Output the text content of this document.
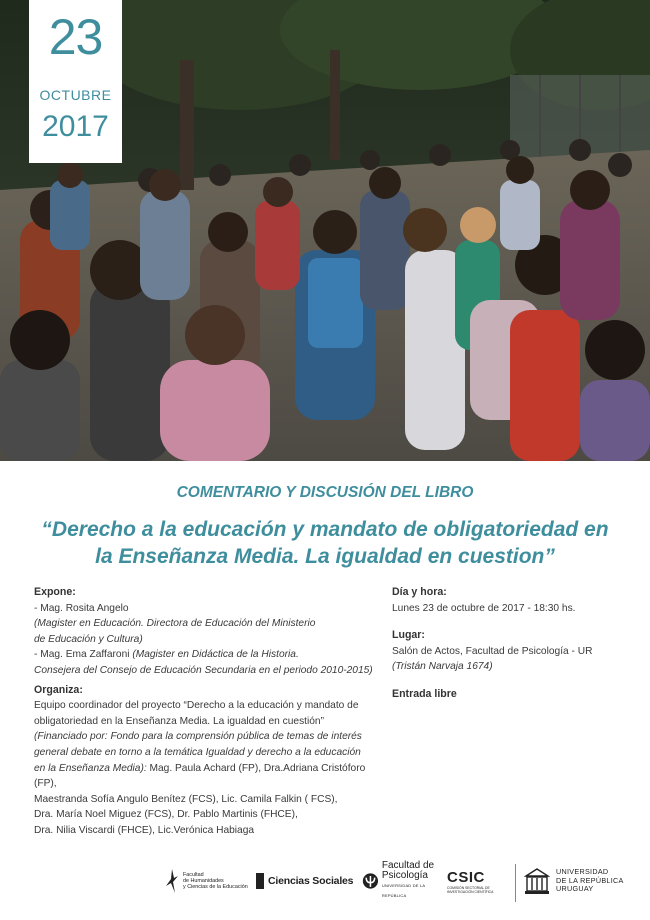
23
OCTUBRE
2017
COMENTARIO Y DISCUSIÓN DEL LIBRO
“Derecho a la educación y mandato de obligatoriedad en
la Enseñanza Media. La igualdad en cuestion”
Expone:
- Mag. Rosita Angelo
(Magister en Educación. Directora de Educación del Ministerio
de Educación y Cultura)
- Mag. Ema Zaffaroni (Magister en Didáctica de la Historia.
Consejera del Consejo de Educación Secundaria en el periodo 2010-2015)
Organiza:
Equipo coordinador del proyecto “Derecho a la educación y mandato de
obligatoriedad en la Enseñanza Media. La igualdad en cuestión”
(Financiado por: Fondo para la comprensión pública de temas de interés
general debate en torno a la temática Igualdad y derecho a la educación
en la Enseñanza Media): Mag. Paula Achard (FP), Dra.Adriana Cristóforo (FP),
Maestranda Sofía Angulo Benítez (FCS), Lic. Camila Falkin ( FCS),
Dra. María Noel Miguez (FCS), Dr. Pablo Martinis (FHCE),
Dra. Nilia Viscardi (FHCE), Lic.Verónica Habiaga
Día y hora:
Lunes 23 de octubre de 2017 - 18:30 hs.
Lugar:
Salón de Actos, Facultad de Psicología - UR
(Tristán Narvaja 1674)
Entrada libre
Facultad
de Humanidades
y Ciencias de la Educación
Ciencias Sociales
Facultad de
Psicología
UNIVERSIDAD DE LA REPÚBLICA
CSIC
COMISIÓN SECTORIAL DE
INVESTIGACIÓN CIENTÍFICA
UNIVERSIDAD
DE LA REPÚBLICA
URUGUAY
